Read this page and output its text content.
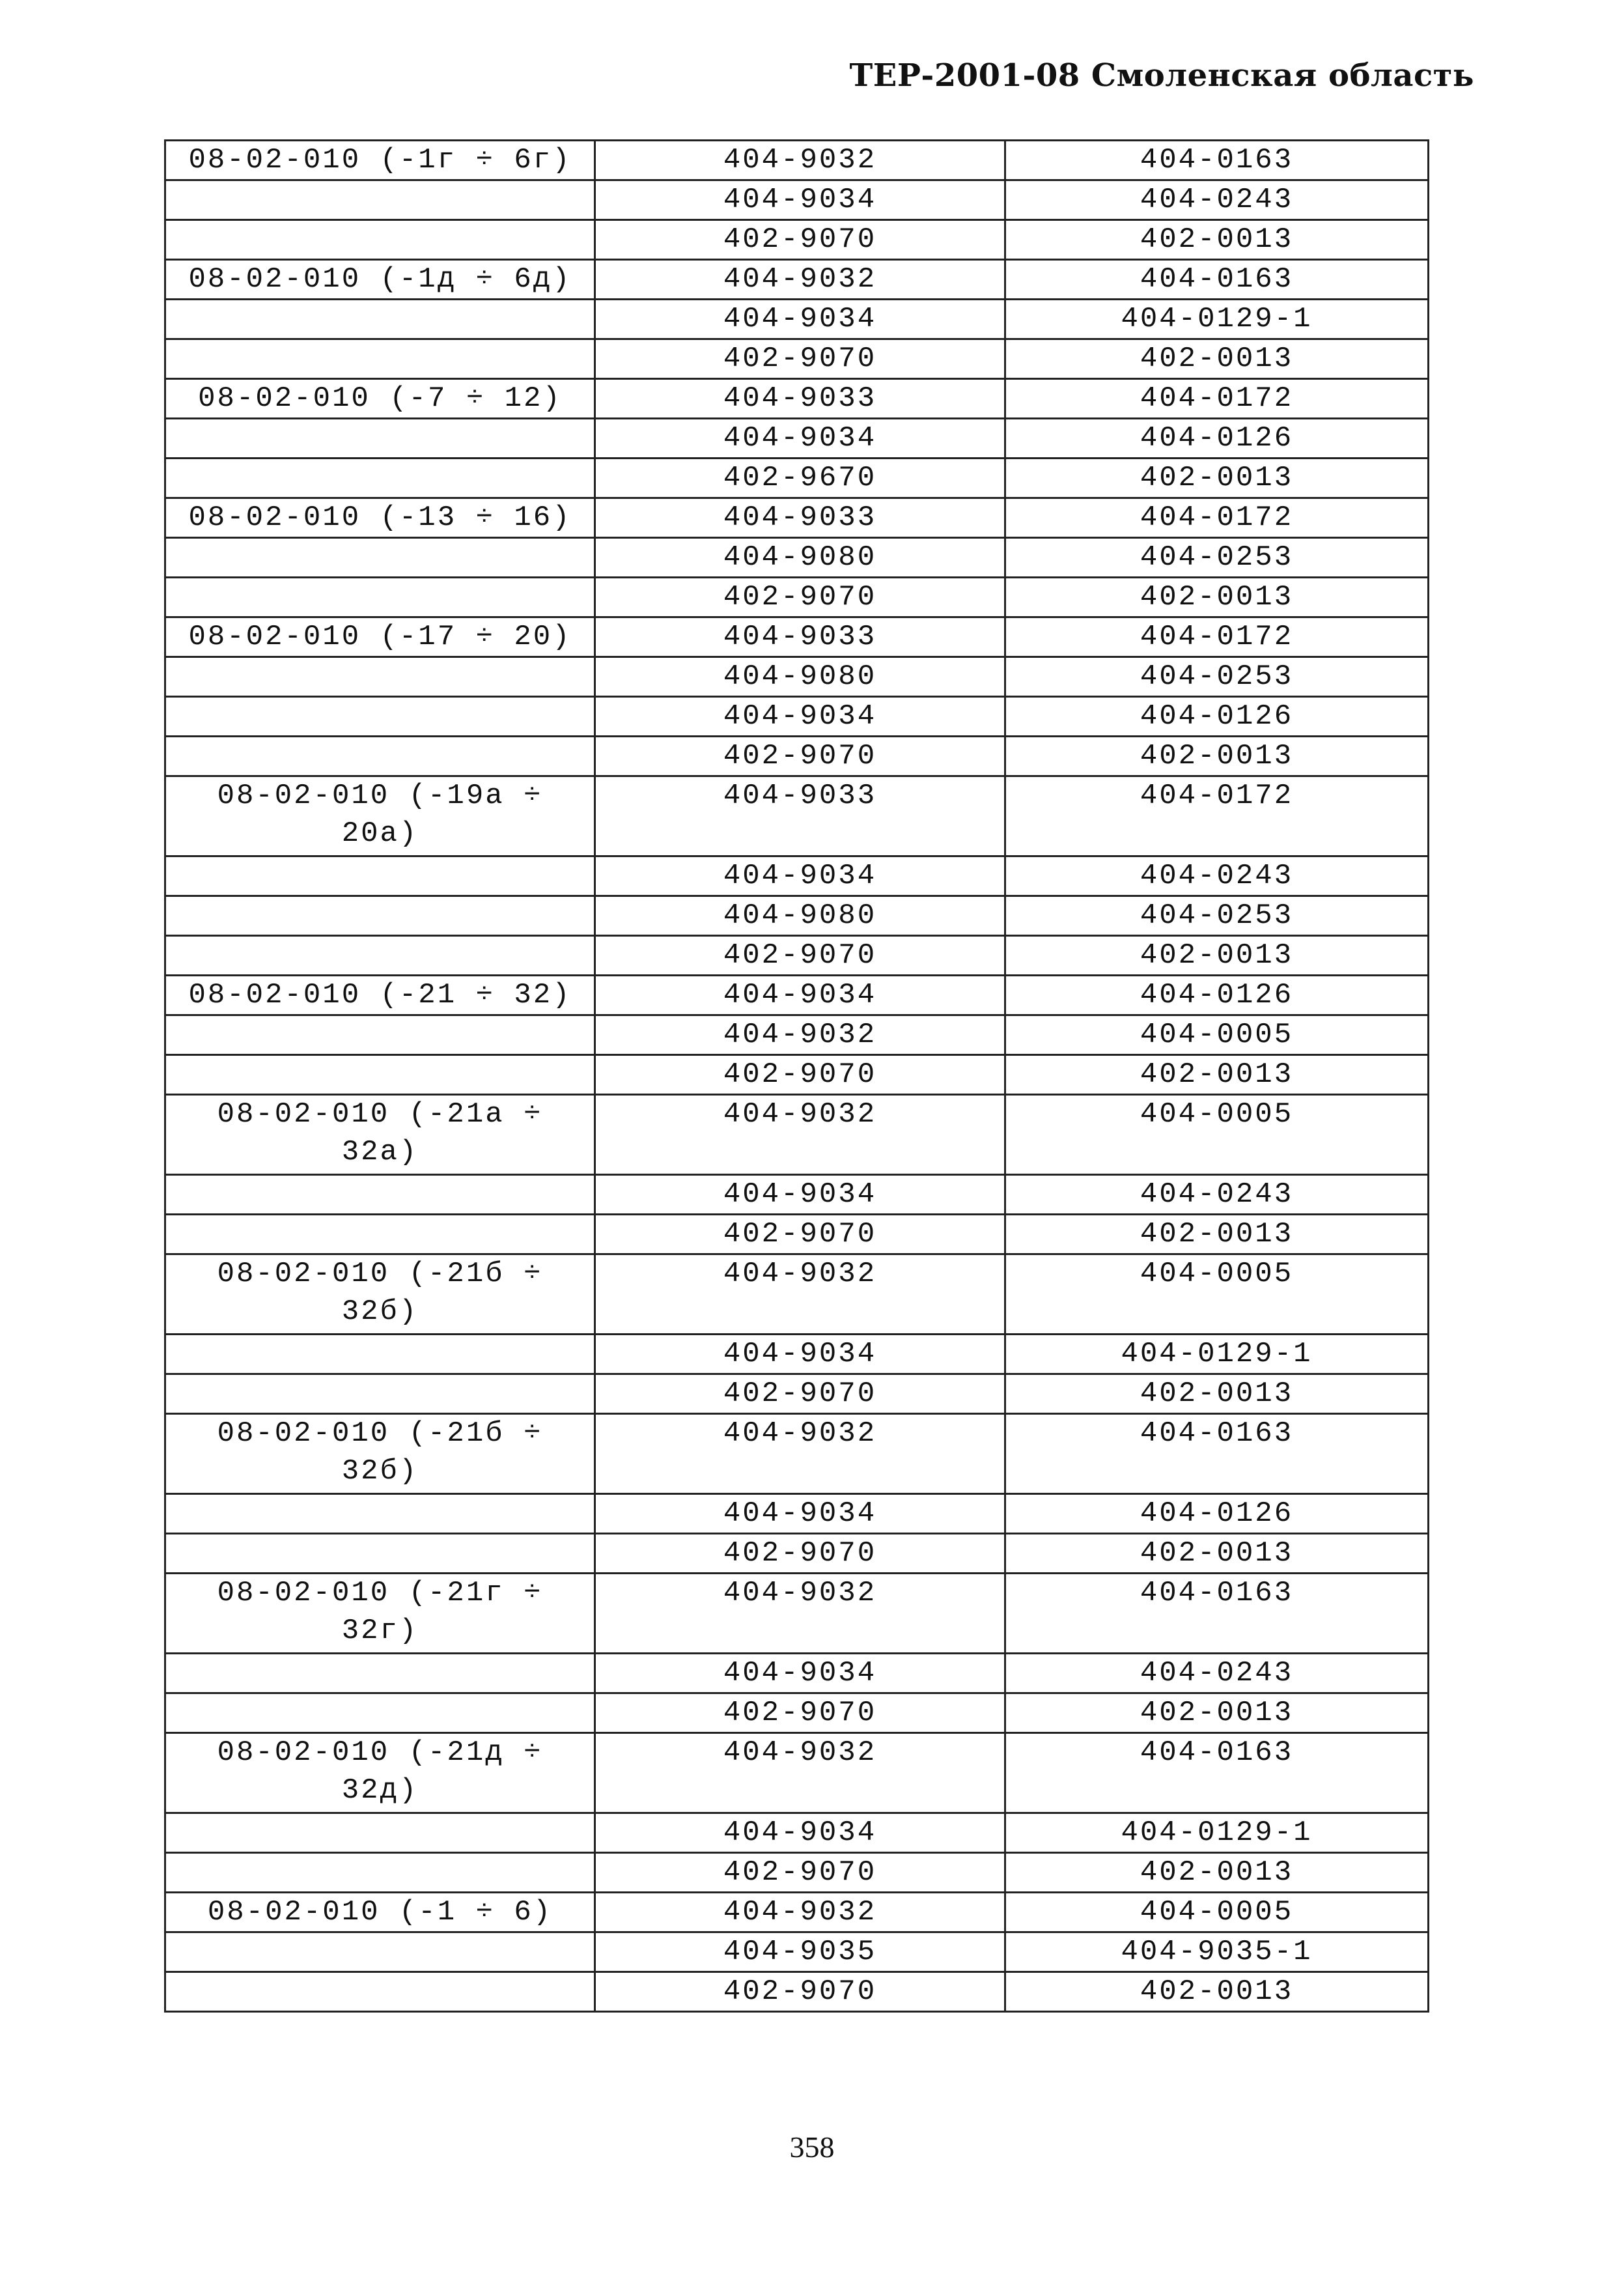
ТЕР-2001-08 Смоленская область
08-02-010 (-1г ÷ 6г)	404-9032	404-0163
	404-9034	404-0243
	402-9070	402-0013
08-02-010 (-1д ÷ 6д)	404-9032	404-0163
	404-9034	404-0129-1
	402-9070	402-0013
08-02-010 (-7 ÷ 12)	404-9033	404-0172
	404-9034	404-0126
	402-9670	402-0013
08-02-010 (-13 ÷ 16)	404-9033	404-0172
	404-9080	404-0253
	402-9070	402-0013
08-02-010 (-17 ÷ 20)	404-9033	404-0172
	404-9080	404-0253
	404-9034	404-0126
	402-9070	402-0013
08-02-010 (-19а ÷ 20а)	404-9033	404-0172
	404-9034	404-0243
	404-9080	404-0253
	402-9070	402-0013
08-02-010 (-21 ÷ 32)	404-9034	404-0126
	404-9032	404-0005
	402-9070	402-0013
08-02-010 (-21а ÷ 32а)	404-9032	404-0005
	404-9034	404-0243
	402-9070	402-0013
08-02-010 (-21б ÷ 32б)	404-9032	404-0005
	404-9034	404-0129-1
	402-9070	402-0013
08-02-010 (-21б ÷ 32б)	404-9032	404-0163
	404-9034	404-0126
	402-9070	402-0013
08-02-010 (-21г ÷ 32г)	404-9032	404-0163
	404-9034	404-0243
	402-9070	402-0013
08-02-010 (-21д ÷ 32д)	404-9032	404-0163
	404-9034	404-0129-1
	402-9070	402-0013
08-02-010 (-1 ÷ 6)	404-9032	404-0005
	404-9035	404-9035-1
	402-9070	402-0013
358
